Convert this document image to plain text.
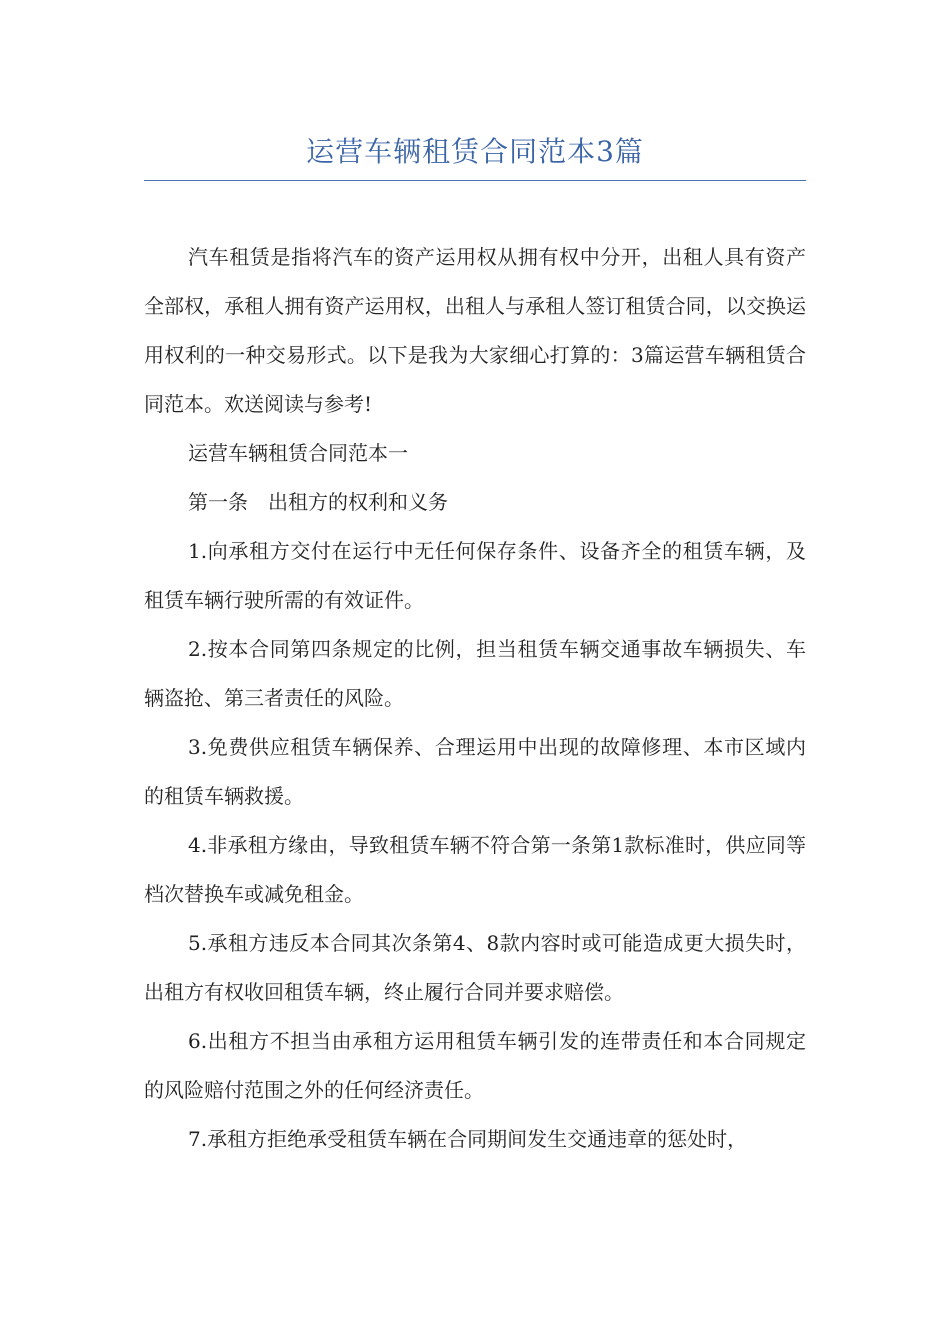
运营车辆租赁合同范本3篇

汽车租赁是指将汽车的资产运用权从拥有权中分开，出租人具有资产全部权，承租人拥有资产运用权，出租人与承租人签订租赁合同，以交换运用权利的一种交易形式。以下是我为大家细心打算的：3篇运营车辆租赁合同范本。欢送阅读与参考!

运营车辆租赁合同范本一

第一条　出租方的权利和义务

1.向承租方交付在运行中无任何保存条件、设备齐全的租赁车辆，及租赁车辆行驶所需的有效证件。

2.按本合同第四条规定的比例，担当租赁车辆交通事故车辆损失、车辆盗抢、第三者责任的风险。

3.免费供应租赁车辆保养、合理运用中出现的故障修理、本市区域内的租赁车辆救援。

4.非承租方缘由，导致租赁车辆不符合第一条第1款标准时，供应同等档次替换车或减免租金。

5.承租方违反本合同其次条第4、8款内容时或可能造成更大损失时，出租方有权收回租赁车辆，终止履行合同并要求赔偿。

6.出租方不担当由承租方运用租赁车辆引发的连带责任和本合同规定的风险赔付范围之外的任何经济责任。

7.承租方拒绝承受租赁车辆在合同期间发生交通违章的惩处时，
